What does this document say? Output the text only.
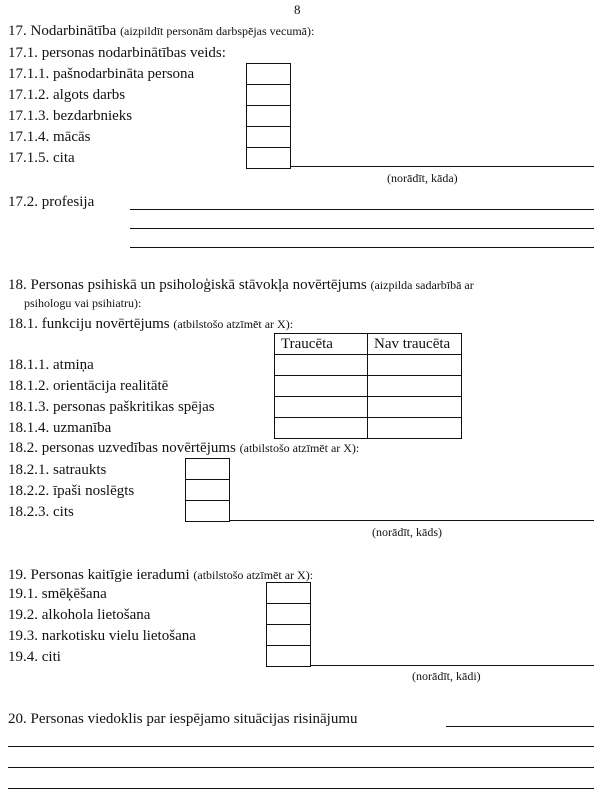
8
17. Nodarbinātība (aizpildīt personām darbspējas vecumā):
17.1. personas nodarbinātības veids:
17.1.1. pašnodarbināta persona
17.1.2. algots darbs
17.1.3. bezdarbnieks
17.1.4. mācās
17.1.5. cita
(norādīt, kāda)
17.2. profesija
18. Personas psihiskā un psiholoģiskā stāvokļa novērtējums (aizpilda sadarbībā ar
psihologu vai psihiatru):
18.1. funkciju novērtējums (atbilstošo atzīmēt ar X):
Traucēta	Nav traucēta

18.1.1. atmiņa
18.1.2. orientācija realitātē
18.1.3. personas paškritikas spējas
18.1.4. uzmanība
18.2. personas uzvedības novērtējums (atbilstošo atzīmēt ar X):
18.2.1. satraukts
18.2.2. īpaši noslēgts
18.2.3. cits
(norādīt, kāds)
19. Personas kaitīgie ieradumi (atbilstošo atzīmēt ar X):
19.1. smēķēšana
19.2. alkohola lietošana
19.3. narkotisku vielu lietošana
19.4. citi
(norādīt, kādi)
20. Personas viedoklis par iespējamo situācijas risinājumu
